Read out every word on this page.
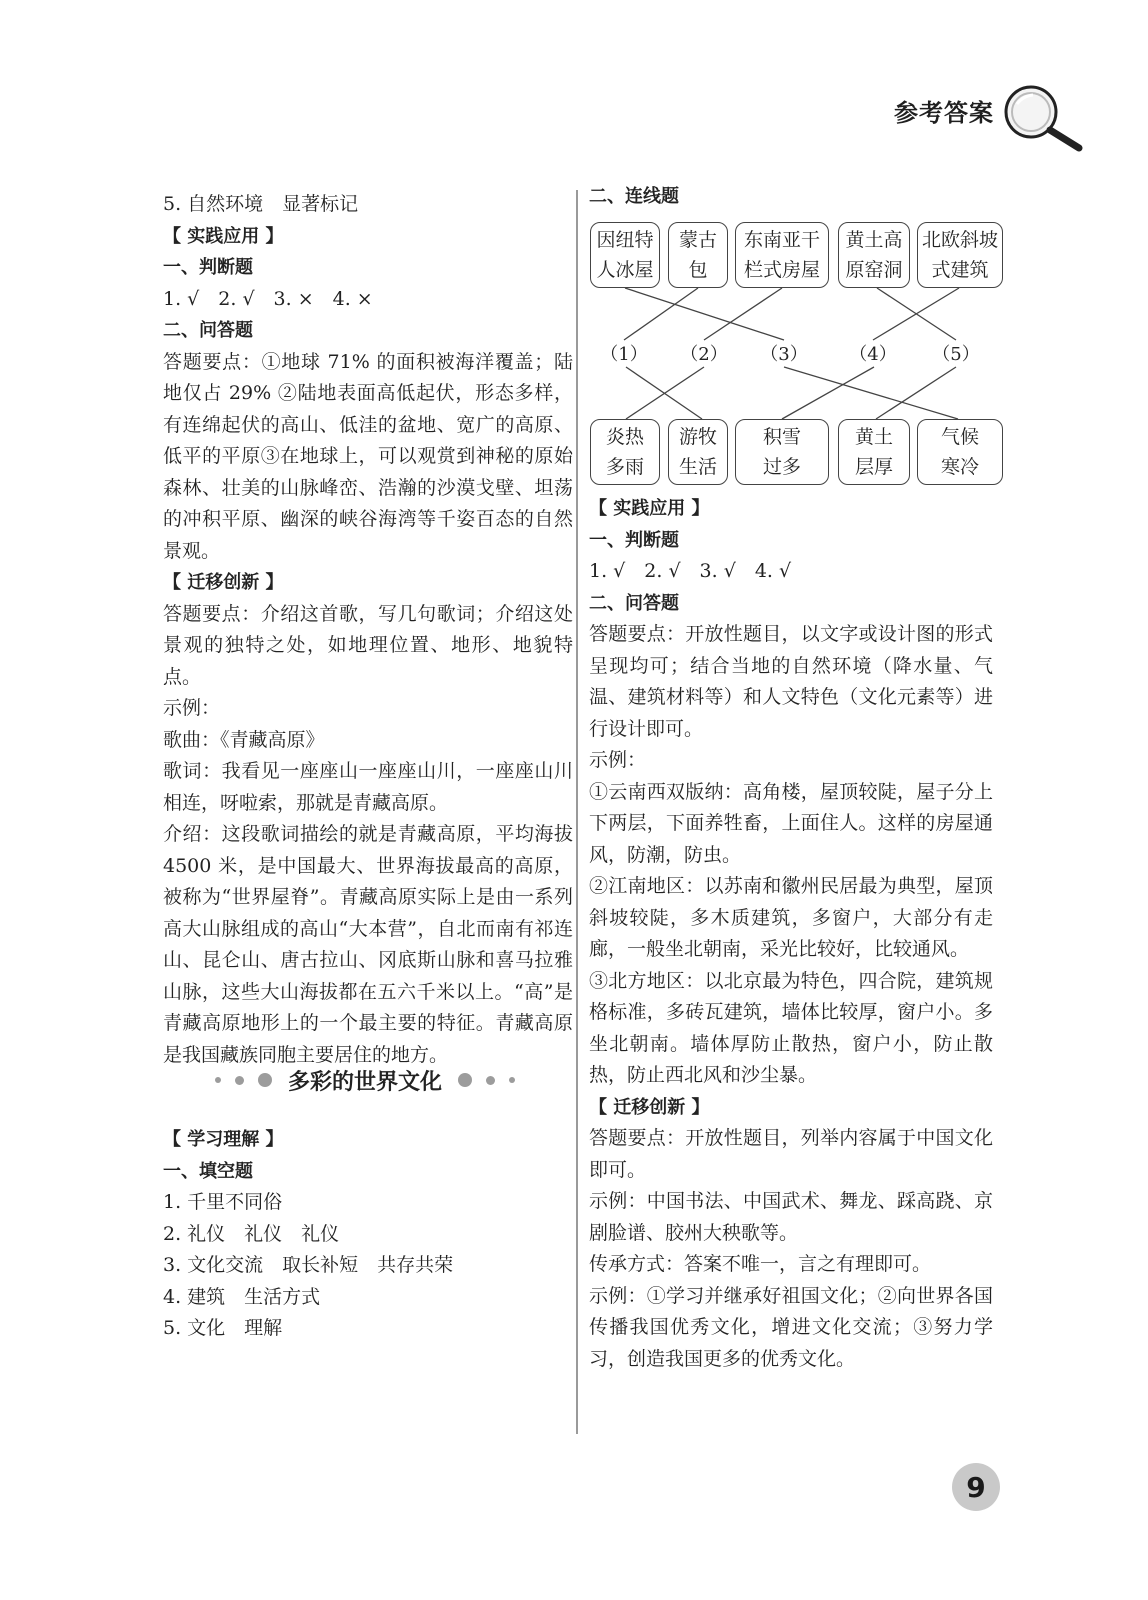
参考答案
5. 自然环境　显著标记
【 实践应用 】
一、判断题
1. √　2. √　3. ×　4. ×
二、问答题
答题要点：①地球 71% 的面积被海洋覆盖；陆地仅占 29% ②陆地表面高低起伏，形态多样，有连绵起伏的高山、低洼的盆地、宽广的高原、低平的平原③在地球上，可以观赏到神秘的原始森林、壮美的山脉峰峦、浩瀚的沙漠戈壁、坦荡的冲积平原、幽深的峡谷海湾等千姿百态的自然景观。
【 迁移创新 】
答题要点：介绍这首歌，写几句歌词；介绍这处景观的独特之处，如地理位置、地形、地貌特点。
示例：
歌曲：《青藏高原》
歌词：我看见一座座山一座座山川，一座座山川相连，呀啦索，那就是青藏高原。
介绍：这段歌词描绘的就是青藏高原，平均海拔 4500 米，是中国最大、世界海拔最高的高原，被称为“世界屋脊”。青藏高原实际上是由一系列高大山脉组成的高山“大本营”，自北而南有祁连山、昆仑山、唐古拉山、冈底斯山脉和喜马拉雅山脉，这些大山海拔都在五六千米以上。“高”是青藏高原地形上的一个最主要的特征。青藏高原是我国藏族同胞主要居住的地方。
多彩的世界文化
【 学习理解 】
一、填空题
1. 千里不同俗
2. 礼仪　礼仪　礼仪
3. 文化交流　取长补短　共存共荣
4. 建筑　生活方式
5. 文化　理解
二、连线题
因纽特
人冰屋
蒙古
包
东南亚干
栏式房屋
黄土高
原窑洞
北欧斜坡
式建筑
（1）	（2）	（3）	（4）	（5）
炎热
多雨
游牧
生活
积雪
过多
黄土
层厚
气候
寒冷
【 实践应用 】
一、判断题
1. √　2. √　3. √　4. √
二、问答题
答题要点：开放性题目，以文字或设计图的形式呈现均可；结合当地的自然环境（降水量、气温、建筑材料等）和人文特色（文化元素等）进行设计即可。
示例：
①云南西双版纳：高角楼，屋顶较陡，屋子分上下两层，下面养牲畜，上面住人。这样的房屋通风，防潮，防虫。
②江南地区：以苏南和徽州民居最为典型，屋顶斜坡较陡，多木质建筑，多窗户，大部分有走廊，一般坐北朝南，采光比较好，比较通风。
③北方地区：以北京最为特色，四合院，建筑规格标准，多砖瓦建筑，墙体比较厚，窗户小。多坐北朝南。墙体厚防止散热，窗户小，防止散热，防止西北风和沙尘暴。
【 迁移创新 】
答题要点：开放性题目，列举内容属于中国文化即可。
示例：中国书法、中国武术、舞龙、踩高跷、京剧脸谱、胶州大秧歌等。
传承方式：答案不唯一，言之有理即可。
示例：①学习并继承好祖国文化；②向世界各国传播我国优秀文化，增进文化交流；③努力学习，创造我国更多的优秀文化。
9
